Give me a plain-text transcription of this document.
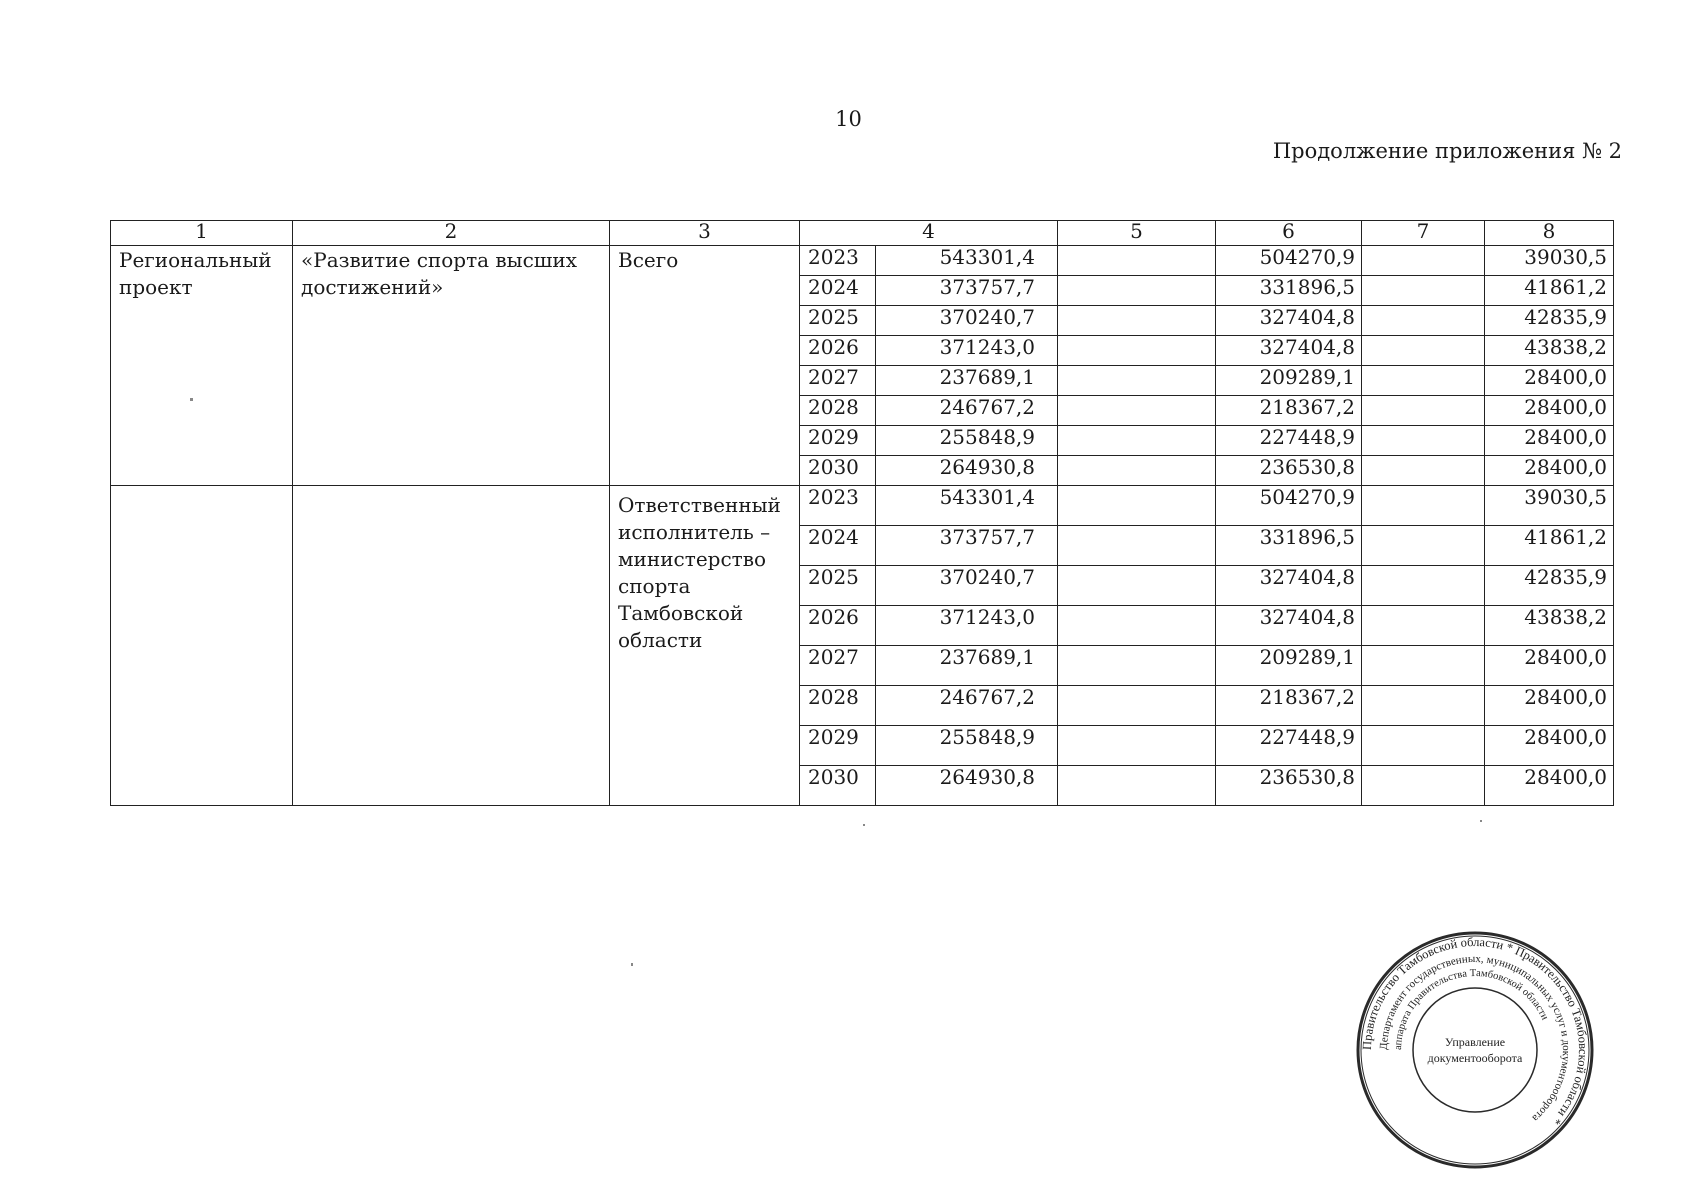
10
Продолжение приложения № 2
1	2	3	4		5	6	7	8
Региональный проект	«Развитие спорта высших достижений»	Всего	2023	543301,4		504270,9		39030,5
			2024	373757,7		331896,5		41861,2
			2025	370240,7		327404,8		42835,9
			2026	371243,0		327404,8		43838,2
			2027	237689,1		209289,1		28400,0
			2028	246767,2		218367,2		28400,0
			2029	255848,9		227448,9		28400,0
			2030	264930,8		236530,8		28400,0
		Ответственный исполнитель – министерство спорта Тамбовской области	2023	543301,4		504270,9		39030,5
			2024	373757,7		331896,5		41861,2
			2025	370240,7		327404,8		42835,9
			2026	371243,0		327404,8		43838,2
			2027	237689,1		209289,1		28400,0
			2028	246767,2		218367,2		28400,0
			2029	255848,9		227448,9		28400,0
			2030	264930,8		236530,8		28400,0
Правительство Тамбовской области * Правительство Тамбовской области *
Департамент государственных, муниципальных услуг и документооборота
аппарата Правительства Тамбовской области
Управление
документооборота
